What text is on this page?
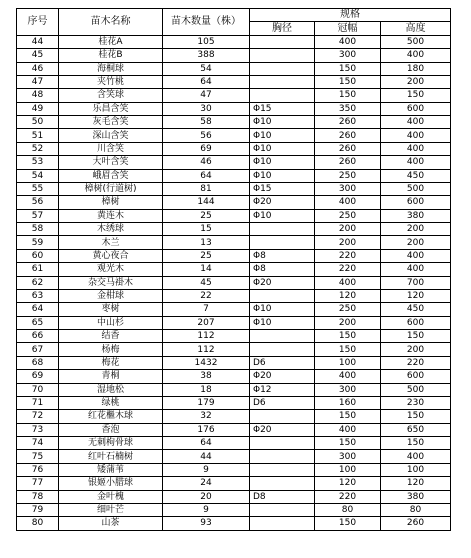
序号	苗木名称	苗木数量（株）	规格		
			胸径	冠幅	高度
44	桂花A	105		400	500
45	桂花B	388		300	400
46	海桐球	54		150	180
47	夹竹桃	64		150	200
48	含笑球	47		150	150
49	乐昌含笑	30	Φ15	350	600
50	灰毛含笑	58	Φ10	260	400
51	深山含笑	56	Φ10	260	400
52	川含笑	69	Φ10	260	400
53	大叶含笑	46	Φ10	260	400
54	峨眉含笑	64	Φ10	250	450
55	樟树(行道树)	81	Φ15	300	500
56	樟树	144	Φ20	400	600
57	黄连木	25	Φ10	250	380
58	木绣球	15		200	200
59	木兰	13		200	200
60	黄心夜合	25	Φ8	220	400
61	观光木	14	Φ8	220	400
62	杂交马褂木	45	Φ20	400	700
63	金柑球	22		120	120
64	枣树	7	Φ10	250	450
65	中山杉	207	Φ10	200	600
66	结香	112		150	150
67	杨梅	112		150	200
68	梅花	1432	D6	100	220
69	青桐	38	Φ20	400	600
70	湿地松	18	Φ12	300	500
71	绿桃	179	D6	160	230
72	红花檵木球	32		150	150
73	香泡	176	Φ20	400	650
74	无刺枸骨球	64		150	150
75	红叶石楠树	44		300	400
76	矮蒲苇	9		100	100
77	银姬小腊球	24		120	120
78	金叶槐	20	D8	220	380
79	细叶芒	9		80	80
80	山茶	93		150	260
